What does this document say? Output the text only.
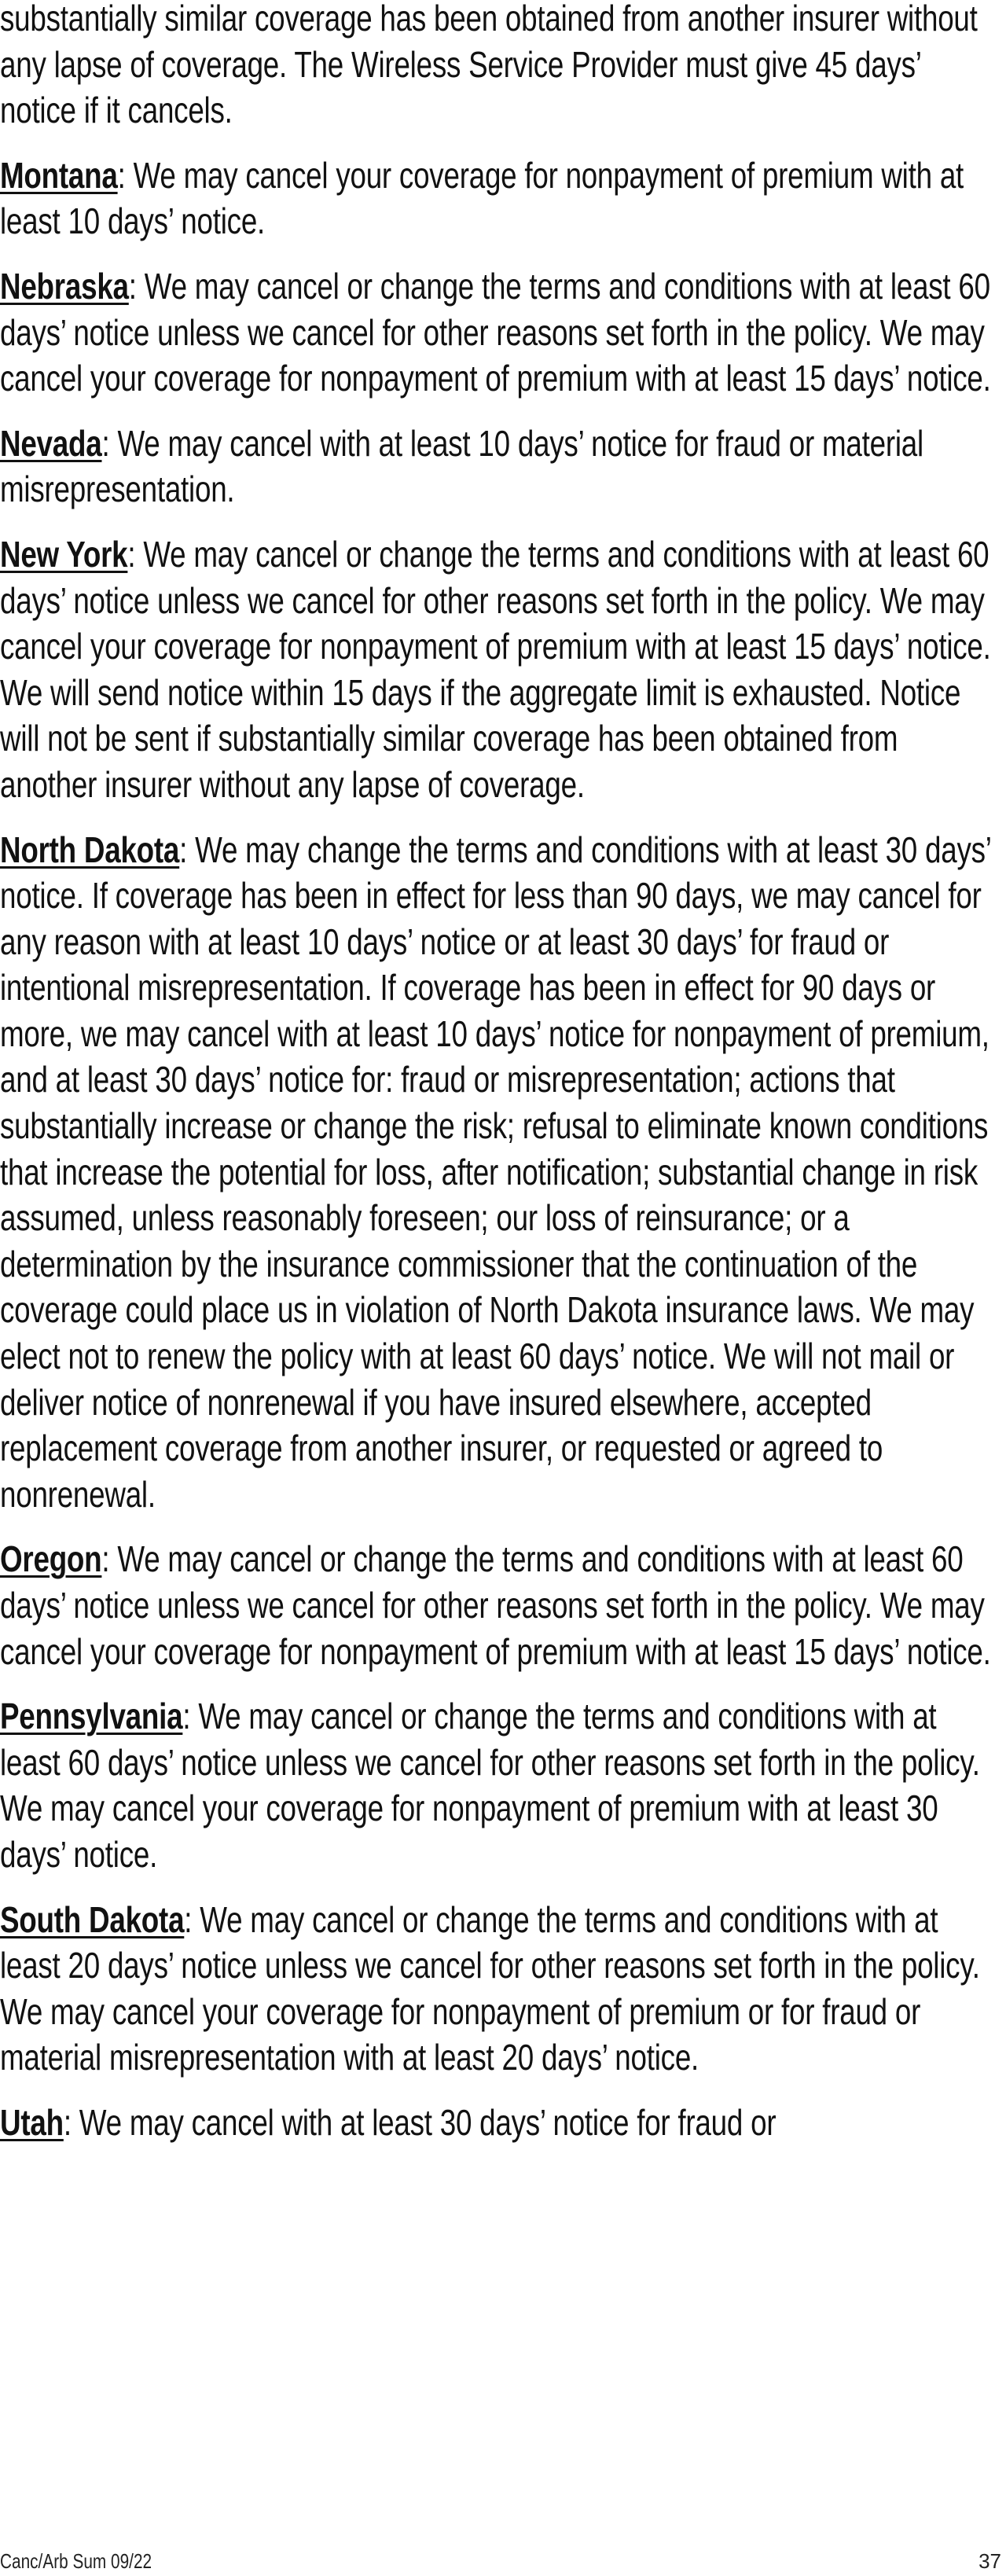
substantially similar coverage has been obtained from another insurer without any lapse of coverage. The Wireless Service Provider must give 45 days’ notice if it cancels.

Montana: We may cancel your coverage for nonpayment of premium with at least 10 days’ notice.

Nebraska: We may cancel or change the terms and conditions with at least 60 days’ notice unless we cancel for other reasons set forth in the policy. We may cancel your coverage for nonpayment of premium with at least 15 days’ notice.

Nevada: We may cancel with at least 10 days’ notice for fraud or material misrepresentation.

New York: We may cancel or change the terms and conditions with at least 60 days’ notice unless we cancel for other reasons set forth in the policy. We may cancel your coverage for nonpayment of premium with at least 15 days’ notice. We will send notice within 15 days if the aggregate limit is exhausted. Notice will not be sent if substantially similar coverage has been obtained from another insurer without any lapse of coverage.

North Dakota: We may change the terms and conditions with at least 30 days’ notice. If coverage has been in effect for less than 90 days, we may cancel for any reason with at least 10 days’ notice or at least 30 days’ for fraud or intentional misrepresentation. If coverage has been in effect for 90 days or more, we may cancel with at least 10 days’ notice for nonpayment of premium, and at least 30 days’ notice for: fraud or misrepresentation; actions that substantially increase or change the risk; refusal to eliminate known conditions that increase the potential for loss, after notification; substantial change in risk assumed, unless reasonably foreseen; our loss of reinsurance; or a determination by the insurance commissioner that the continuation of the coverage could place us in violation of North Dakota insurance laws. We may elect not to renew the policy with at least 60 days’ notice. We will not mail or deliver notice of nonrenewal if you have insured elsewhere, accepted replacement coverage from another insurer, or requested or agreed to nonrenewal.

Oregon: We may cancel or change the terms and conditions with at least 60 days’ notice unless we cancel for other reasons set forth in the policy. We may cancel your coverage for nonpayment of premium with at least 15 days’ notice.

Pennsylvania: We may cancel or change the terms and conditions with at least 60 days’ notice unless we cancel for other reasons set forth in the policy. We may cancel your coverage for nonpayment of premium with at least 30 days’ notice.

South Dakota: We may cancel or change the terms and conditions with at least 20 days’ notice unless we cancel for other reasons set forth in the policy. We may cancel your coverage for nonpayment of premium or for fraud or material misrepresentation with at least 20 days’ notice.

Utah: We may cancel with at least 30 days’ notice for fraud or

Canc/Arb Sum 09/22	37
